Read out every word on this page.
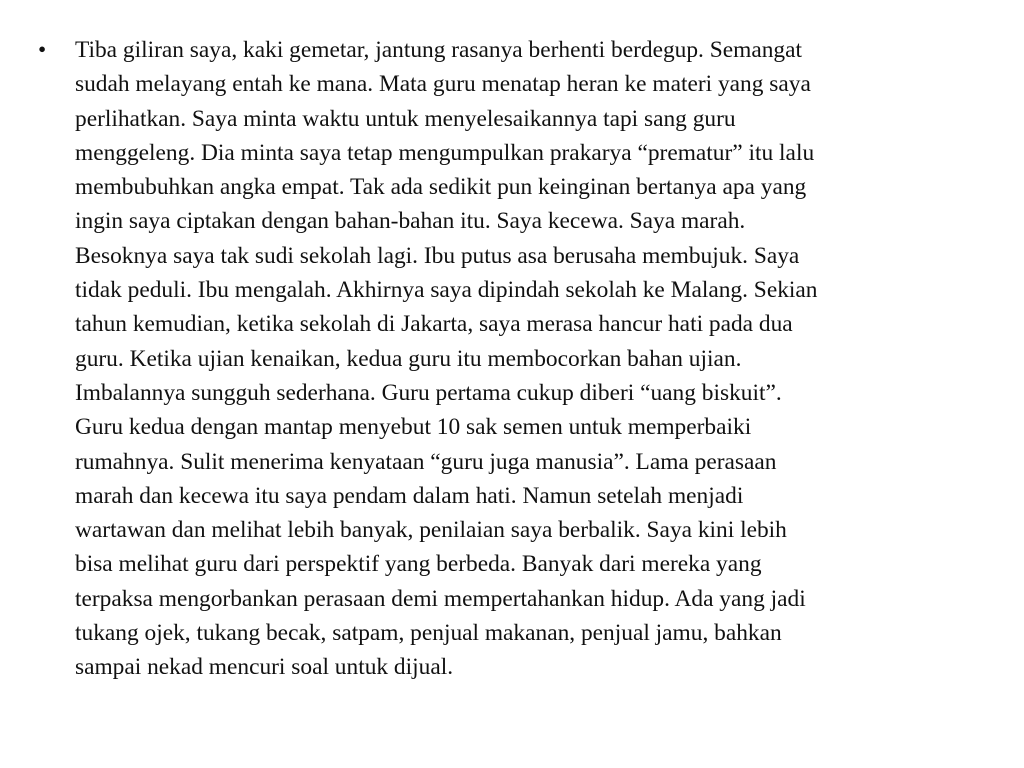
• Tiba giliran saya, kaki gemetar, jantung rasanya berhenti berdegup. Semangat
sudah melayang entah ke mana. Mata guru menatap heran ke materi yang saya
perlihatkan. Saya minta waktu untuk menyelesaikannya tapi sang guru
menggeleng. Dia minta saya tetap mengumpulkan prakarya “prematur” itu lalu
membubuhkan angka empat. Tak ada sedikit pun keinginan bertanya apa yang
ingin saya ciptakan dengan bahan-bahan itu. Saya kecewa. Saya marah.
Besoknya saya tak sudi sekolah lagi. Ibu putus asa berusaha membujuk. Saya
tidak peduli. Ibu mengalah. Akhirnya saya dipindah sekolah ke Malang. Sekian
tahun kemudian, ketika sekolah di Jakarta, saya merasa hancur hati pada dua
guru. Ketika ujian kenaikan, kedua guru itu membocorkan bahan ujian.
Imbalannya sungguh sederhana. Guru pertama cukup diberi “uang biskuit”.
Guru kedua dengan mantap menyebut 10 sak semen untuk memperbaiki
rumahnya. Sulit menerima kenyataan “guru juga manusia”. Lama perasaan
marah dan kecewa itu saya pendam dalam hati. Namun setelah menjadi
wartawan dan melihat lebih banyak, penilaian saya berbalik. Saya kini lebih
bisa melihat guru dari perspektif yang berbeda. Banyak dari mereka yang
terpaksa mengorbankan perasaan demi mempertahankan hidup. Ada yang jadi
tukang ojek, tukang becak, satpam, penjual makanan, penjual jamu, bahkan
sampai nekad mencuri soal untuk dijual.
